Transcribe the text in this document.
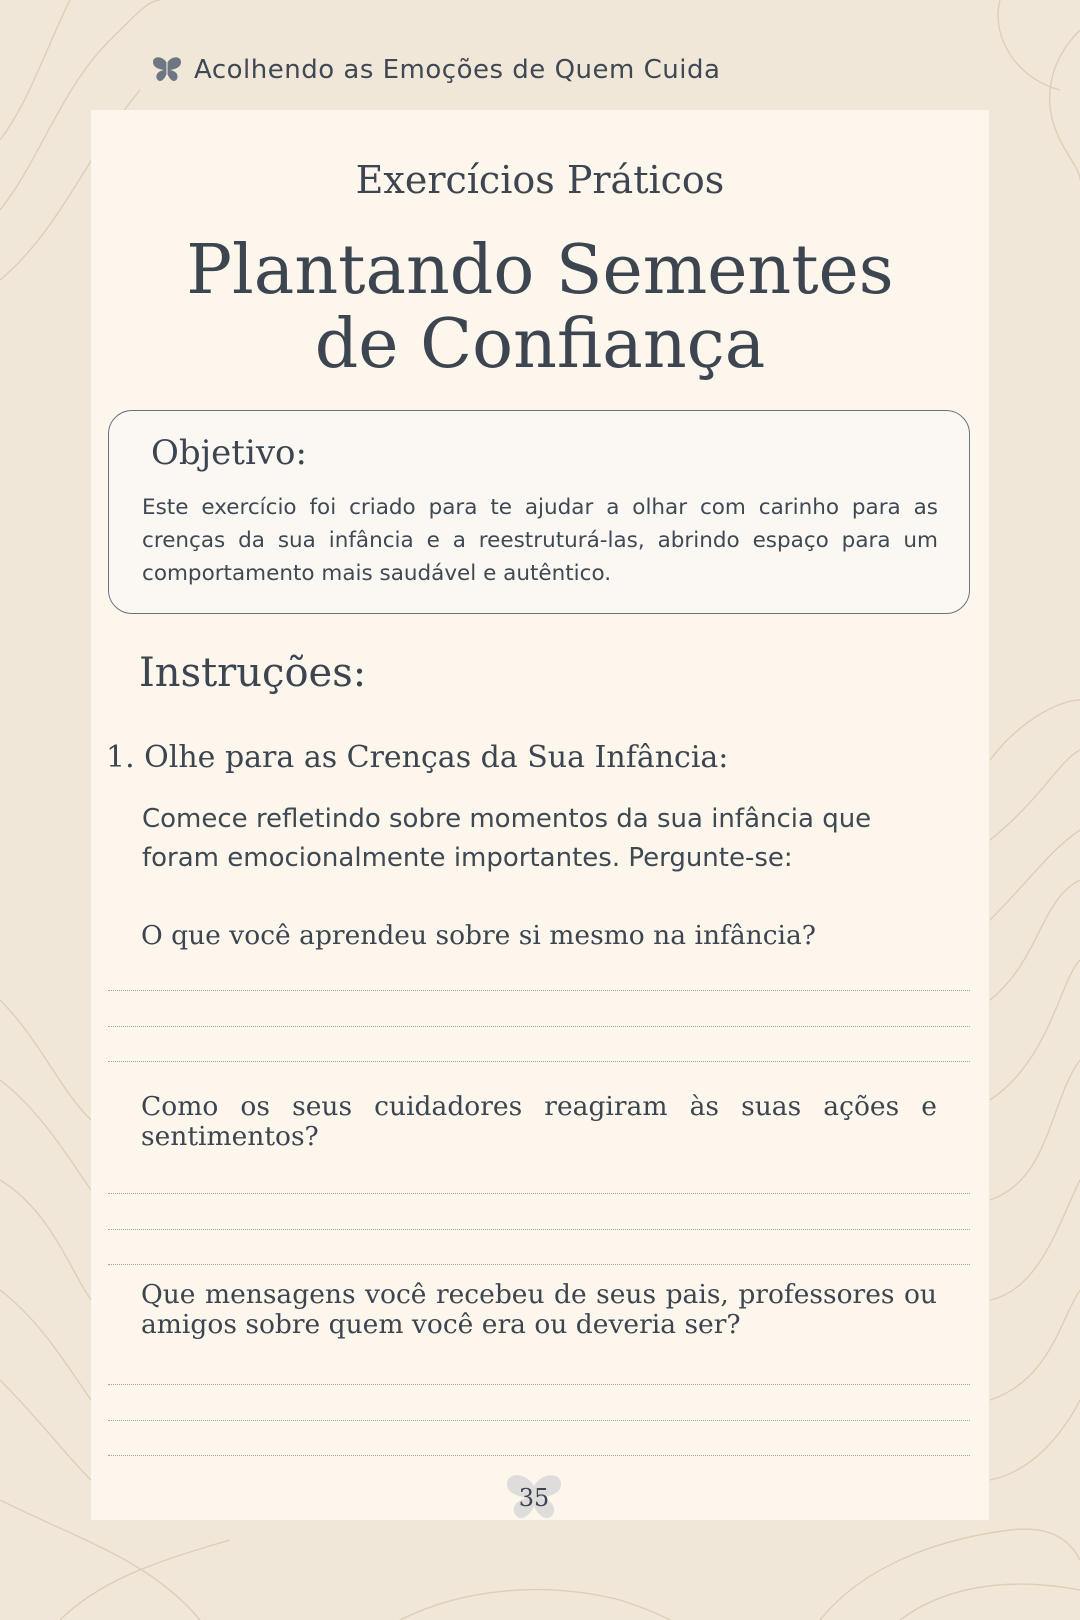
Acolhendo as Emoções de Quem Cuida
Exercícios Práticos
Plantando Sementes
de Confiança
Objetivo:
Este exercício foi criado para te ajudar a olhar com carinho para as crenças da sua infância e a reestruturá-las, abrindo espaço para um comportamento mais saudável e autêntico.
Instruções:
1. Olhe para as Crenças da Sua Infância:
Comece refletindo sobre momentos da sua infância que foram emocionalmente importantes. Pergunte-se:
O que você aprendeu sobre si mesmo na infância?
Como os seus cuidadores reagiram às suas ações e sentimentos?
Que mensagens você recebeu de seus pais, professores ou amigos sobre quem você era ou deveria ser?
35
